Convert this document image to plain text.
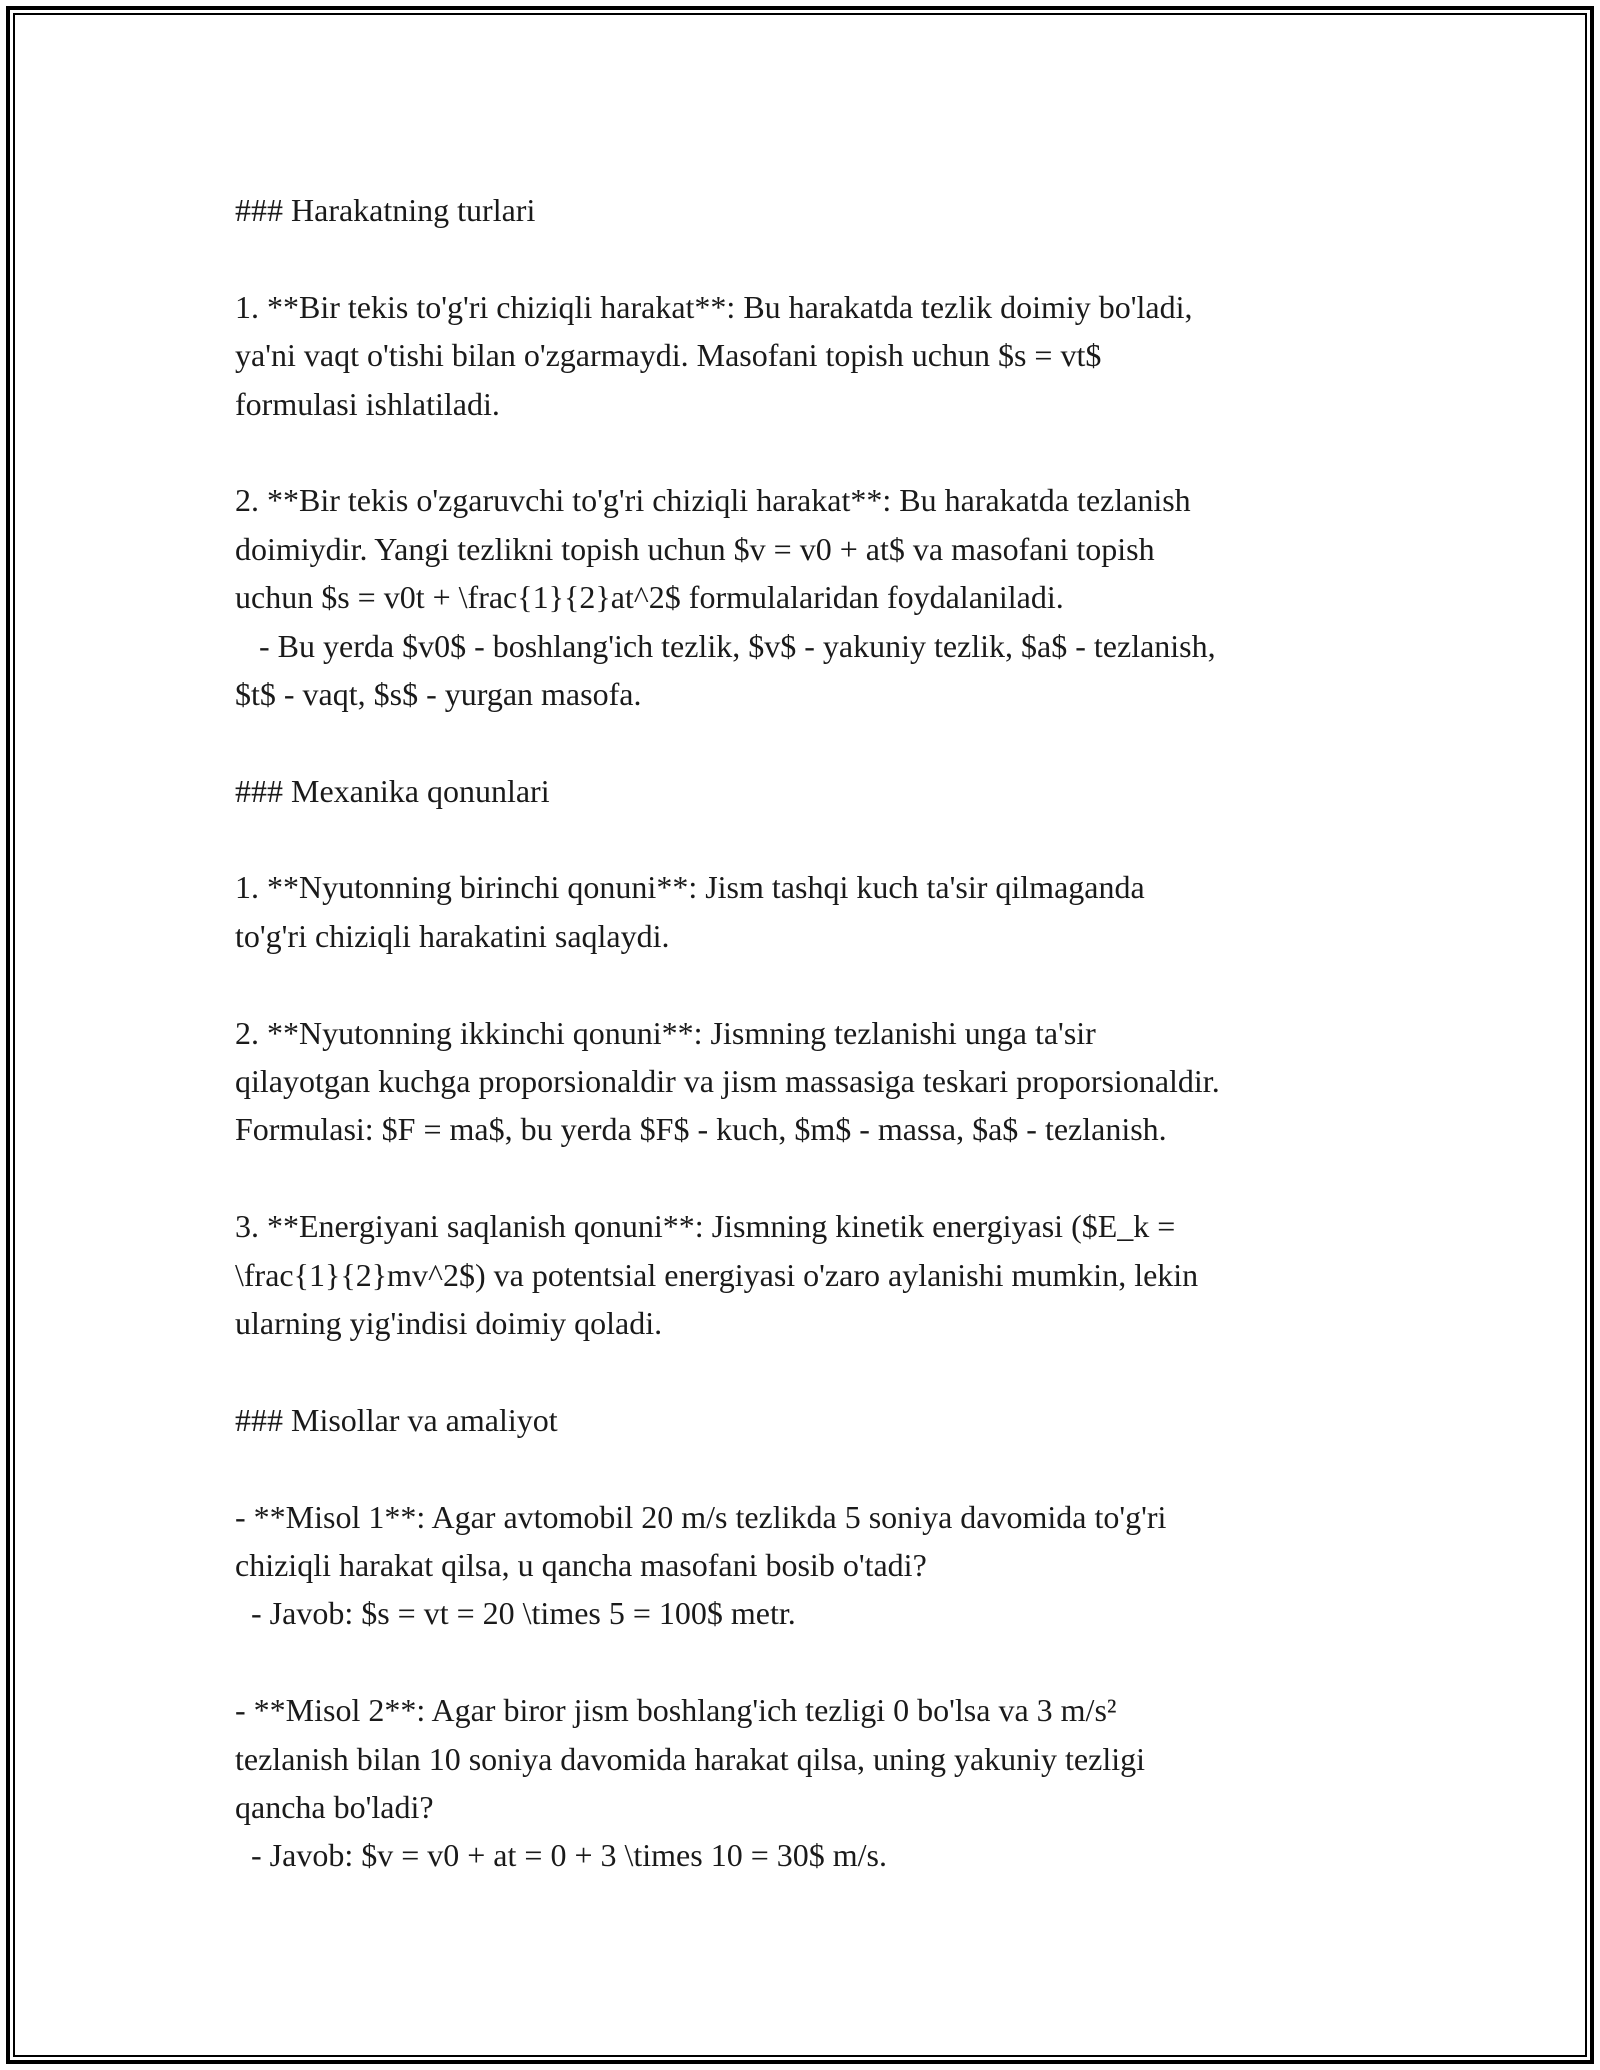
### Harakatning turlari
1. **Bir tekis to'g'ri chiziqli harakat**: Bu harakatda tezlik doimiy bo'ladi,
ya'ni vaqt o'tishi bilan o'zgarmaydi. Masofani topish uchun $s = vt$
formulasi ishlatiladi.
2. **Bir tekis o'zgaruvchi to'g'ri chiziqli harakat**: Bu harakatda tezlanish
doimiydir. Yangi tezlikni topish uchun $v = v0 + at$ va masofani topish
uchun $s = v0t + \frac{1}{2}at^2$ formulalaridan foydalaniladi.
- Bu yerda $v0$ - boshlang'ich tezlik, $v$ - yakuniy tezlik, $a$ - tezlanish,
$t$ - vaqt, $s$ - yurgan masofa.
### Mexanika qonunlari
1. **Nyutonning birinchi qonuni**: Jism tashqi kuch ta'sir qilmaganda
to'g'ri chiziqli harakatini saqlaydi.
2. **Nyutonning ikkinchi qonuni**: Jismning tezlanishi unga ta'sir
qilayotgan kuchga proporsionaldir va jism massasiga teskari proporsionaldir.
Formulasi: $F = ma$, bu yerda $F$ - kuch, $m$ - massa, $a$ - tezlanish.
3. **Energiyani saqlanish qonuni**: Jismning kinetik energiyasi ($E_k =
\frac{1}{2}mv^2$) va potentsial energiyasi o'zaro aylanishi mumkin, lekin
ularning yig'indisi doimiy qoladi.
### Misollar va amaliyot
- **Misol 1**: Agar avtomobil 20 m/s tezlikda 5 soniya davomida to'g'ri
chiziqli harakat qilsa, u qancha masofani bosib o'tadi?
- Javob: $s = vt = 20 \times 5 = 100$ metr.
- **Misol 2**: Agar biror jism boshlang'ich tezligi 0 bo'lsa va 3 m/s²
tezlanish bilan 10 soniya davomida harakat qilsa, uning yakuniy tezligi
qancha bo'ladi?
- Javob: $v = v0 + at = 0 + 3 \times 10 = 30$ m/s.
